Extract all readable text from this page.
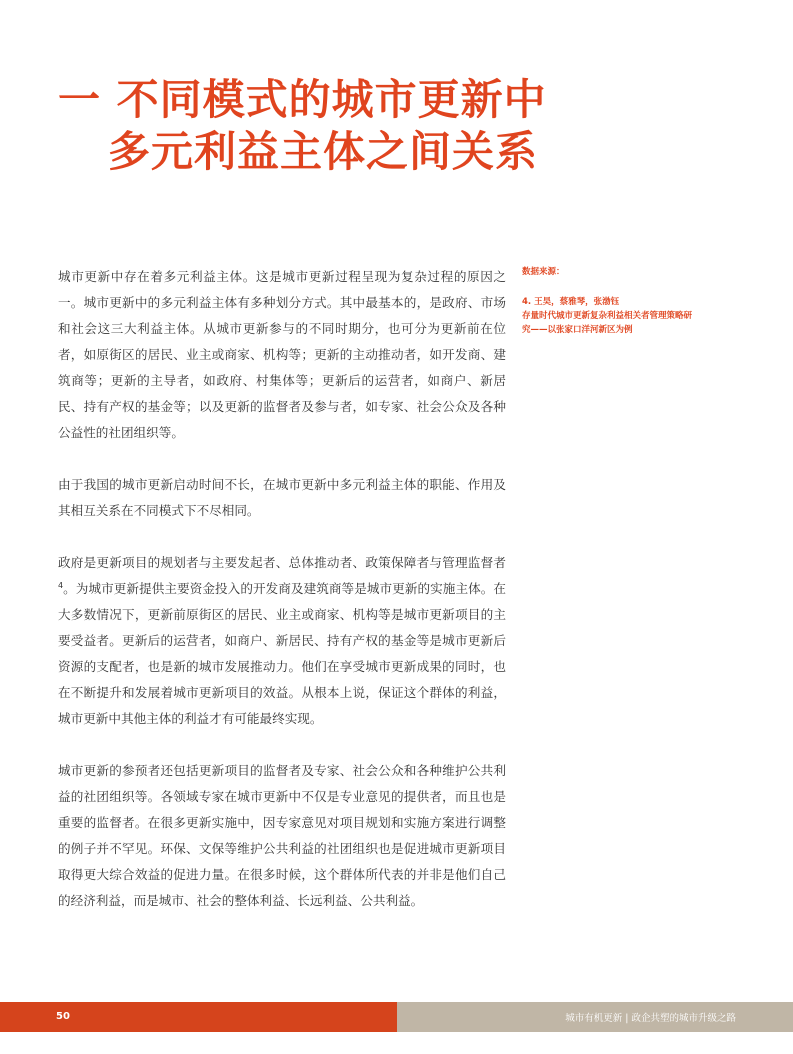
一 不同模式的城市更新中
多元利益主体之间关系

城市更新中存在着多元利益主体。这是城市更新过程呈现为复杂过程的原因之一。城市更新中的多元利益主体有多种划分方式。其中最基本的，是政府、市场和社会这三大利益主体。从城市更新参与的不同时期分，也可分为更新前在位者，如原街区的居民、业主或商家、机构等；更新的主动推动者，如开发商、建筑商等；更新的主导者，如政府、村集体等；更新后的运营者，如商户、新居民、持有产权的基金等；以及更新的监督者及参与者，如专家、社会公众及各种公益性的社团组织等。

由于我国的城市更新启动时间不长，在城市更新中多元利益主体的职能、作用及其相互关系在不同模式下不尽相同。

政府是更新项目的规划者与主要发起者、总体推动者、政策保障者与管理监督者$^4$。为城市更新提供主要资金投入的开发商及建筑商等是城市更新的实施主体。在大多数情况下，更新前原街区的居民、业主或商家、机构等是城市更新项目的主要受益者。更新后的运营者，如商户、新居民、持有产权的基金等是城市更新后资源的支配者，也是新的城市发展推动力。他们在享受城市更新成果的同时，也在不断提升和发展着城市更新项目的效益。从根本上说，保证这个群体的利益，城市更新中其他主体的利益才有可能最终实现。

城市更新的参预者还包括更新项目的监督者及专家、社会公众和各种维护公共利益的社团组织等。各领域专家在城市更新中不仅是专业意见的提供者，而且也是重要的监督者。在很多更新实施中，因专家意见对项目规划和实施方案进行调整的例子并不罕见。环保、文保等维护公共利益的社团组织也是促进城市更新项目取得更大综合效益的促进力量。在很多时候，这个群体所代表的并非是他们自己的经济利益，而是城市、社会的整体利益、长远利益、公共利益。

数据来源：
4. 王昊，蔡雅琴，张渤钰
存量时代城市更新复杂利益相关者管理策略研
究——以张家口洋河新区为例
50	城市有机更新 | 政企共塑的城市升级之路
